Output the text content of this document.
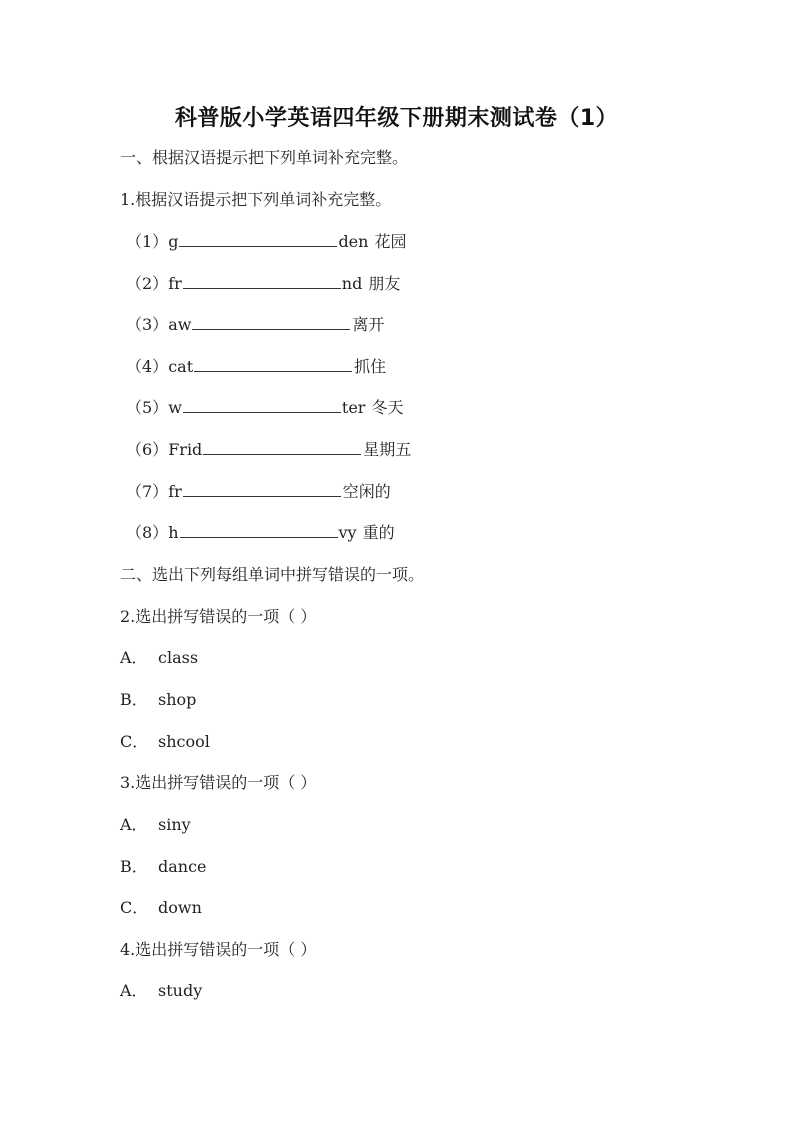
科普版小学英语四年级下册期末测试卷（1）
一、根据汉语提示把下列单词补充完整。
1.根据汉语提示把下列单词补充完整。
（1）g	den 花园
（2）fr	nd 朋友
（3）aw	离开
（4）cat	抓住
（5）w	ter 冬天
（6）Frid	星期五
（7）fr	空闲的
（8）h	vy 重的
二、选出下列每组单词中拼写错误的一项。
2.选出拼写错误的一项（ ）
A． class
B． shop
C． shcool
3.选出拼写错误的一项（ ）
A． siny
B． dance
C． down
4.选出拼写错误的一项（ ）
A． study
